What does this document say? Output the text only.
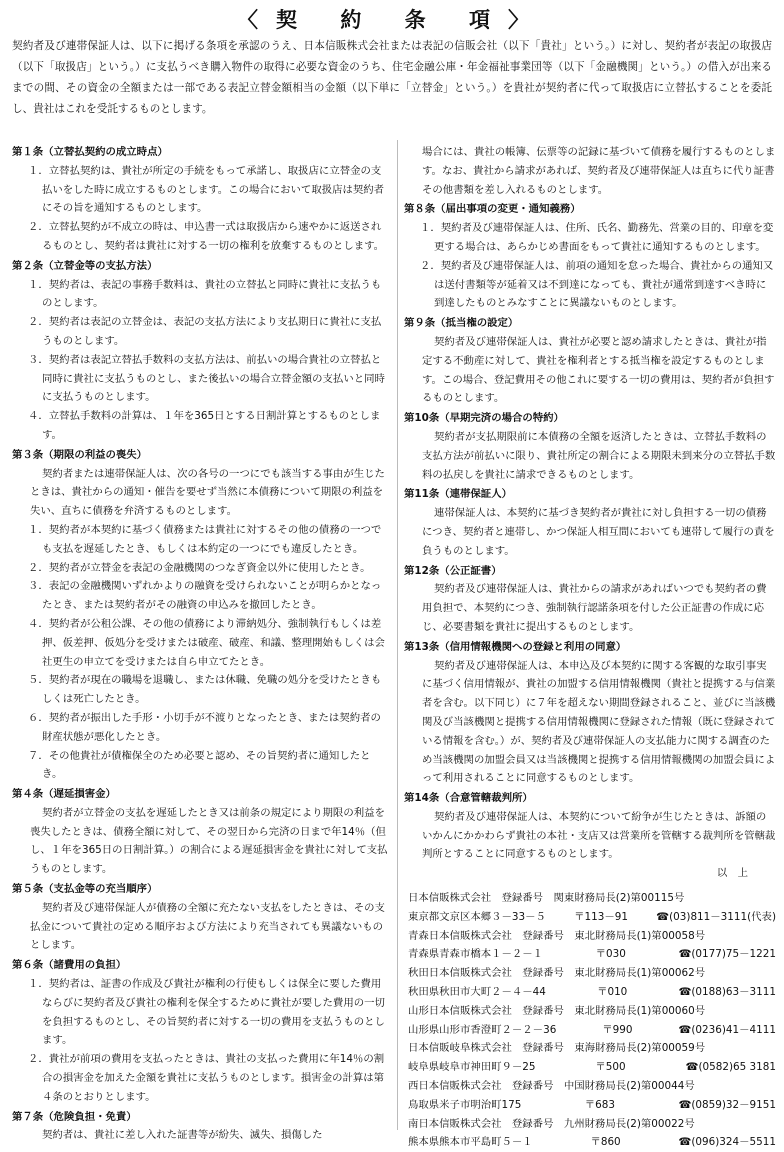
〈契 約 条 項〉
契約者及び連帯保証人は、以下に掲げる条項を承認のうえ、日本信販株式会社または表記の信販会社（以下「貴社」という。）に対し、契約者が表記の取扱店（以下「取扱店」という。）に支払うべき購入物件の取得に必要な資金のうち、住宅金融公庫・年金福祉事業団等（以下「金融機関」という。）の借入が出来るまでの間、その資金の全額または一部である表記立替金額相当の金額（以下単に「立替金」という。）を貴社が契約者に代って取扱店に立替払することを委託し、貴社はこれを受託するものとします。
第１条（立替払契約の成立時点）
１．立替払契約は、貴社が所定の手続をもって承諾し、取扱店に立替金の支払いをした時に成立するものとします。この場合において取扱店は契約者にその旨を通知するものとします。
２．立替払契約が不成立の時は、申込書一式は取扱店から速やかに返送されるものとし、契約者は貴社に対する一切の権利を放棄するものとします。
第２条（立替金等の支払方法）
１．契約者は、表記の事務手数料は、貴社の立替払と同時に貴社に支払うものとします。
２．契約者は表記の立替金は、表記の支払方法により支払期日に貴社に支払うものとします。
３．契約者は表記立替払手数料の支払方法は、前払いの場合貴社の立替払と同時に貴社に支払うものとし、また後払いの場合立替金額の支払いと同時に支払うものとします。
４．立替払手数料の計算は、１年を365日とする日割計算とするものとします。
第３条（期限の利益の喪失）
契約者または連帯保証人は、次の各号の一つにでも該当する事由が生じたときは、貴社からの通知・催告を要せず当然に本債務について期限の利益を失い、直ちに債務を弁済するものとします。
１．契約者が本契約に基づく債務または貴社に対するその他の債務の一つでも支払を遅延したとき、もしくは本約定の一つにでも違反したとき。
２．契約者が立替金を表記の金融機関のつなぎ資金以外に使用したとき。
３．表記の金融機関いずれかよりの融資を受けられないことが明らかとなったとき、または契約者がその融資の申込みを撤回したとき。
４．契約者が公租公課、その他の債務により滞納処分、強制執行もしくは差押、仮差押、仮処分を受けまたは破産、破産、和議、整理開始もしくは会社更生の申立てを受けまたは自ら申立てたとき。
５．契約者が現在の職場を退職し、または休職、免職の処分を受けたときもしくは死亡したとき。
６．契約者が振出した手形・小切手が不渡りとなったとき、または契約者の財産状態が悪化したとき。
７．その他貴社が債権保全のため必要と認め、その旨契約者に通知したとき。
第４条（遅延損害金）
契約者が立替金の支払を遅延したとき又は前条の規定により期限の利益を喪失したときは、債務全額に対して、その翌日から完済の日まで年14％（但し、１年を365日の日割計算。）の割合による遅延損害金を貴社に対して支払うものとします。
第５条（支払金等の充当順序）
契約者及び連帯保証人が債務の全額に充たない支払をしたときは、その支払金について貴社の定める順序および方法により充当されても異議ないものとします。
第６条（諸費用の負担）
１．契約者は、証書の作成及び貴社が権利の行使もしくは保全に要した費用ならびに契約者及び貴社の権利を保全するために貴社が要した費用の一切を負担するものとし、その旨契約者に対する一切の費用を支払うものとします。
２．貴社が前項の費用を支払ったときは、貴社の支払った費用に年14％の割合の損害金を加えた金額を貴社に支払うものとします。損害金の計算は第４条のとおりとします。
第７条（危険負担・免責）
契約者は、貴社に差し入れた証書等が紛失、滅失、損傷した
場合には、貴社の帳簿、伝票等の記録に基づいて債務を履行するものとします。なお、貴社から請求があれば、契約者及び連帯保証人は直ちに代り証書その他書類を差し入れるものとします。
第８条（届出事項の変更・通知義務）
１．契約者及び連帯保証人は、住所、氏名、勤務先、営業の目的、印章を変更する場合は、あらかじめ書面をもって貴社に通知するものとします。
２．契約者及び連帯保証人は、前項の通知を怠った場合、貴社からの通知又は送付書類等が延着又は不到達になっても、貴社が通常到達すべき時に到達したものとみなすことに異議ないものとします。
第９条（抵当権の設定）
契約者及び連帯保証人は、貴社が必要と認め請求したときは、貴社が指定する不動産に対して、貴社を権利者とする抵当権を設定するものとします。この場合、登記費用その他これに要する一切の費用は、契約者が負担するものとします。
第10条（早期完済の場合の特約）
契約者が支払期限前に本債務の全額を返済したときは、立替払手数料の支払方法が前払いに限り、貴社所定の割合による期限未到来分の立替払手数料の払戻しを貴社に請求できるものとします。
第11条（連帯保証人）
連帯保証人は、本契約に基づき契約者が貴社に対し負担する一切の債務につき、契約者と連帯し、かつ保証人相互間においても連帯して履行の責を負うものとします。
第12条（公正証書）
契約者及び連帯保証人は、貴社からの請求があればいつでも契約者の費用負担で、本契約につき、強制執行認諾条項を付した公正証書の作成に応じ、必要書類を貴社に提出するものとします。
第13条（信用情報機関への登録と利用の同意）
契約者及び連帯保証人は、本申込及び本契約に関する客観的な取引事実に基づく信用情報が、貴社の加盟する信用情報機関（貴社と提携する与信業者を含む。以下同じ）に７年を超えない期間登録されること、並びに当該機関及び当該機関と提携する信用情報機関に登録された情報（既に登録されている情報を含む。）が、契約者及び連帯保証人の支払能力に関する調査のため当該機関の加盟会員又は当該機関と提携する信用情報機関の加盟会員によって利用されることに同意するものとします。
第14条（合意管轄裁判所）
契約者及び連帯保証人は、本契約について紛争が生じたときは、訴額のいかんにかかわらず貴社の本社・支店又は営業所を管轄する裁判所を管轄裁判所とすることに同意するものとします。
以　上
日本信販株式会社　登録番号　関東財務局長(2)第00115号
東京都文京区本郷３－33－５	〒113－91	☎(03)811－3111(代表)
青森日本信販株式会社　登録番号　東北財務局長(1)第00058号
青森県青森市橋本１－２－１	〒030	☎(0177)75－1221
秋田日本信販株式会社　登録番号　東北財務局長(1)第00062号
秋田県秋田市大町２－４－44	〒010	☎(0188)63－3111
山形日本信販株式会社　登録番号　東北財務局長(1)第00060号
山形県山形市香澄町２－２－36	〒990	☎(0236)41－4111
日本信販岐阜株式会社　登録番号　東海財務局長(2)第00059号
岐阜県岐阜市神田町９－25	〒500	☎(0582)65 3181
西日本信販株式会社　登録番号　中国財務局長(2)第00044号
鳥取県米子市明治町175	〒683	☎(0859)32－9151
南日本信販株式会社　登録番号　九州財務局長(2)第00022号
熊本県熊本市平島町５－１	〒860	☎(096)324－5511
